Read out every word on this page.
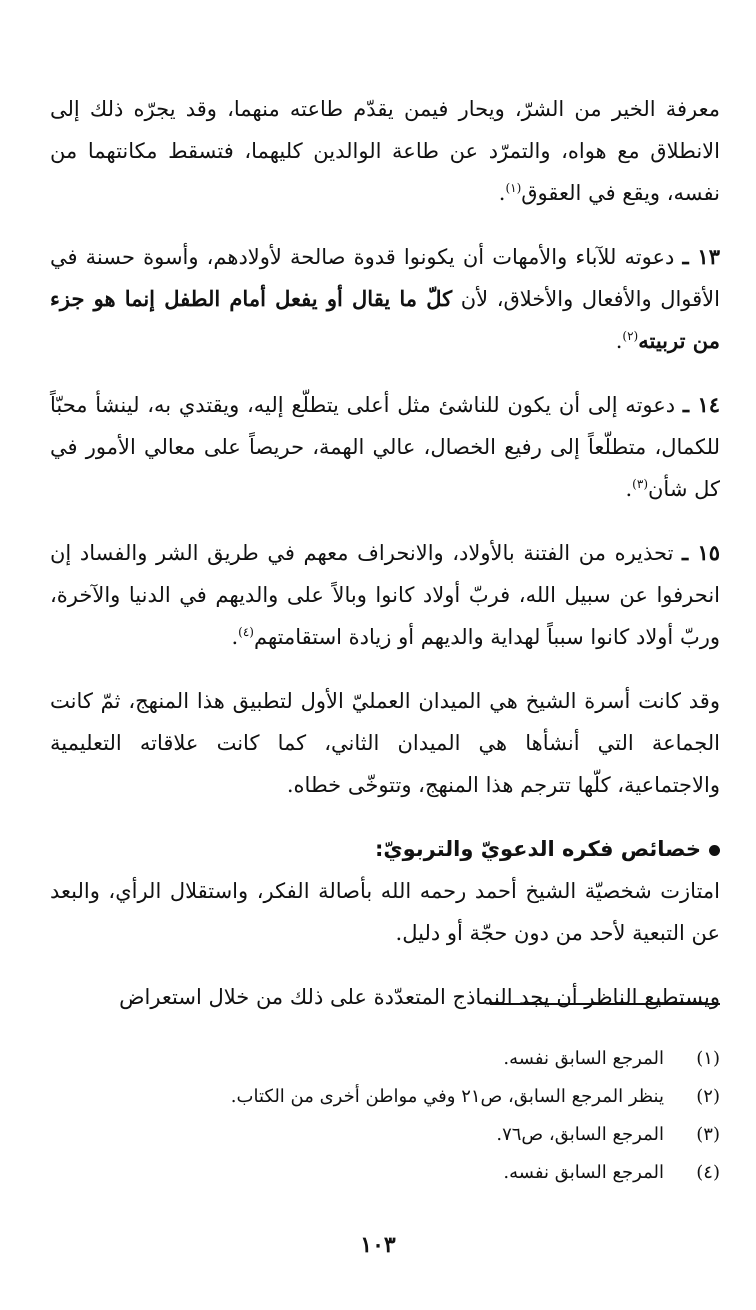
معرفة الخير من الشرّ، ويحار فيمن يقدّم طاعته منهما، وقد يجرّه ذلك إلى الانطلاق مع هواه، والتمرّد عن طاعة الوالدين كليهما، فتسقط مكانتهما من نفسه، ويقع في العقوق$^{(١)}$.

١٣ ـ دعوته للآباء والأمهات أن يكونوا قدوة صالحة لأولادهم، وأسوة حسنة في الأقوال والأفعال والأخلاق، لأن كلّ ما يقال أو يفعل أمام الطفل إنما هو جزء من تربيته$^{(٢)}$.

١٤ ـ دعوته إلى أن يكون للناشئ مثل أعلى يتطلّع إليه، ويقتدي به، لينشأ محبّاً للكمال، متطلّعاً إلى رفيع الخصال، عالي الهمة، حريصاً على معالي الأمور في كل شأن$^{(٣)}$.

١٥ ـ تحذيره من الفتنة بالأولاد، والانحراف معهم في طريق الشر والفساد إن انحرفوا عن سبيل الله، فربّ أولاد كانوا وبالاً على والديهم في الدنيا والآخرة، وربّ أولاد كانوا سبباً لهداية والديهم أو زيادة استقامتهم$^{(٤)}$.

وقد كانت أسرة الشيخ هي الميدان العمليّ الأول لتطبيق هذا المنهج، ثمّ كانت الجماعة التي أنشأها هي الميدان الثاني، كما كانت علاقاته التعليمية والاجتماعية، كلّها تترجم هذا المنهج، وتتوخّى خطاه.

خصائص فكره الدعويّ والتربويّ:

امتازت شخصيّة الشيخ أحمد رحمه الله بأصالة الفكر، واستقلال الرأي، والبعد عن التبعية لأحد من دون حجّة أو دليل.

ويستطيع الناظر أن يجد النماذج المتعدّدة على ذلك من خلال استعراض

(١)
المرجع السابق نفسه.
(٢)
ينظر المرجع السابق، ص٢١ وفي مواطن أخرى من الكتاب.
(٣)
المرجع السابق، ص٧٦.
(٤)
المرجع السابق نفسه.
١٠٣
